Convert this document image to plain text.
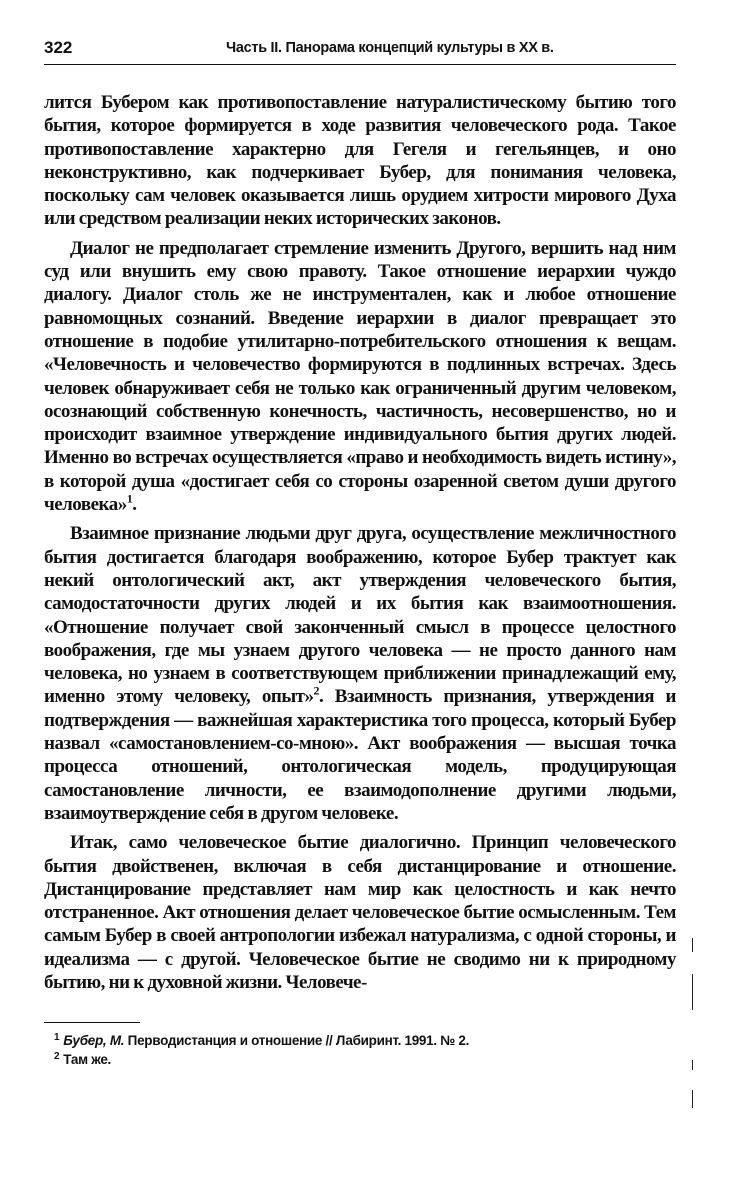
322	Часть II. Панорама концепций культуры в XX в.

лится Бубером как противопоставление натуралистическому бытию того бытия, которое формируется в ходе развития человеческого рода. Такое противопоставление характерно для Гегеля и гегельянцев, и оно неконструктивно, как подчеркивает Бубер, для понимания человека, поскольку сам человек оказывается лишь орудием хитрости мирового Духа или средством реализации неких исторических законов.

Диалог не предполагает стремление изменить Другого, вершить над ним суд или внушить ему свою правоту. Такое отношение иерархии чуждо диалогу. Диалог столь же не инструментален, как и любое отношение равномощных сознаний. Введение иерархии в диалог превращает это отношение в подобие утилитарно-потребительского отношения к вещам. «Человечность и человечество формируются в подлинных встречах. Здесь человек обнаруживает себя не только как ограниченный другим человеком, осознающий собственную конечность, частичность, несовершенство, но и происходит взаимное утверждение индивидуального бытия других людей. Именно во встречах осуществляется «право и необходимость видеть истину», в которой душа «достигает себя со стороны озаренной светом души другого человека»$^1$.

Взаимное признание людьми друг друга, осуществление межличностного бытия достигается благодаря воображению, которое Бубер трактует как некий онтологический акт, акт утверждения человеческого бытия, самодостаточности других людей и их бытия как взаимоотношения. «Отношение получает свой законченный смысл в процессе целостного воображения, где мы узнаем другого человека — не просто данного нам человека, но узнаем в соответствующем приближении принадлежащий ему, именно этому человеку, опыт»$^2$. Взаимность признания, утверждения и подтверждения — важнейшая характеристика того процесса, который Бубер назвал «самостановлением-со-мною». Акт воображения — высшая точка процесса отношений, онтологическая модель, продуцирующая самостановление личности, ее взаимодополнение другими людьми, взаимоутверждение себя в другом человеке.

Итак, само человеческое бытие диалогично. Принцип человеческого бытия двойственен, включая в себя дистанцирование и отношение. Дистанцирование представляет нам мир как целостность и как нечто отстраненное. Акт отношения делает человеческое бытие осмысленным. Тем самым Бубер в своей антропологии избежал натурализма, с одной стороны, и идеализма — с другой. Человеческое бытие не сводимо ни к природному бытию, ни к духовной жизни. Человече-

$^1$ Бубер, М. Перводистанция и отношение // Лабиринт. 1991. № 2.
$^2$ Там же.
